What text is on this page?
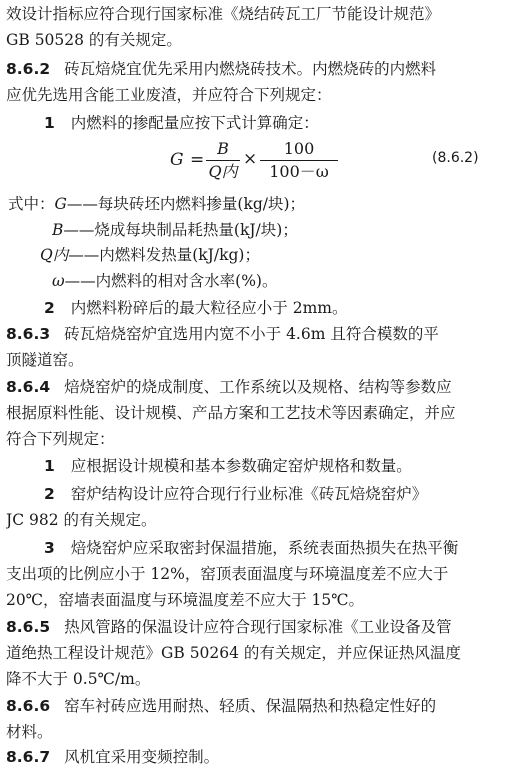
效设计指标应符合现行国家标准《烧结砖瓦工厂节能设计规范》
GB 50528 的有关规定。
8.6.2 砖瓦焙烧宜优先采用内燃烧砖技术。内燃烧砖的内燃料
应优先选用含能工业废渣，并应符合下列规定：
1 内燃料的掺配量应按下式计算确定：
G =
B
Q内
×
100
100－ω
(8.6.2)
式中：G——每块砖坯内燃料掺量(kg/块)；
B——烧成每块制品耗热量(kJ/块)；
Q内——内燃料发热量(kJ/kg)；
ω——内燃料的相对含水率(%)。
2 内燃料粉碎后的最大粒径应小于 2mm。
8.6.3 砖瓦焙烧窑炉宜选用内宽不小于 4.6m 且符合模数的平
顶隧道窑。
8.6.4 焙烧窑炉的烧成制度、工作系统以及规格、结构等参数应
根据原料性能、设计规模、产品方案和工艺技术等因素确定，并应
符合下列规定：
1 应根据设计规模和基本参数确定窑炉规格和数量。
2 窑炉结构设计应符合现行行业标准《砖瓦焙烧窑炉》
JC 982 的有关规定。
3 焙烧窑炉应采取密封保温措施，系统表面热损失在热平衡
支出项的比例应小于 12%，窑顶表面温度与环境温度差不应大于
20℃，窑墙表面温度与环境温度差不应大于 15℃。
8.6.5 热风管路的保温设计应符合现行国家标准《工业设备及管
道绝热工程设计规范》GB 50264 的有关规定，并应保证热风温度
降不大于 0.5℃/m。
8.6.6 窑车衬砖应选用耐热、轻质、保温隔热和热稳定性好的
材料。
8.6.7 风机宜采用变频控制。
